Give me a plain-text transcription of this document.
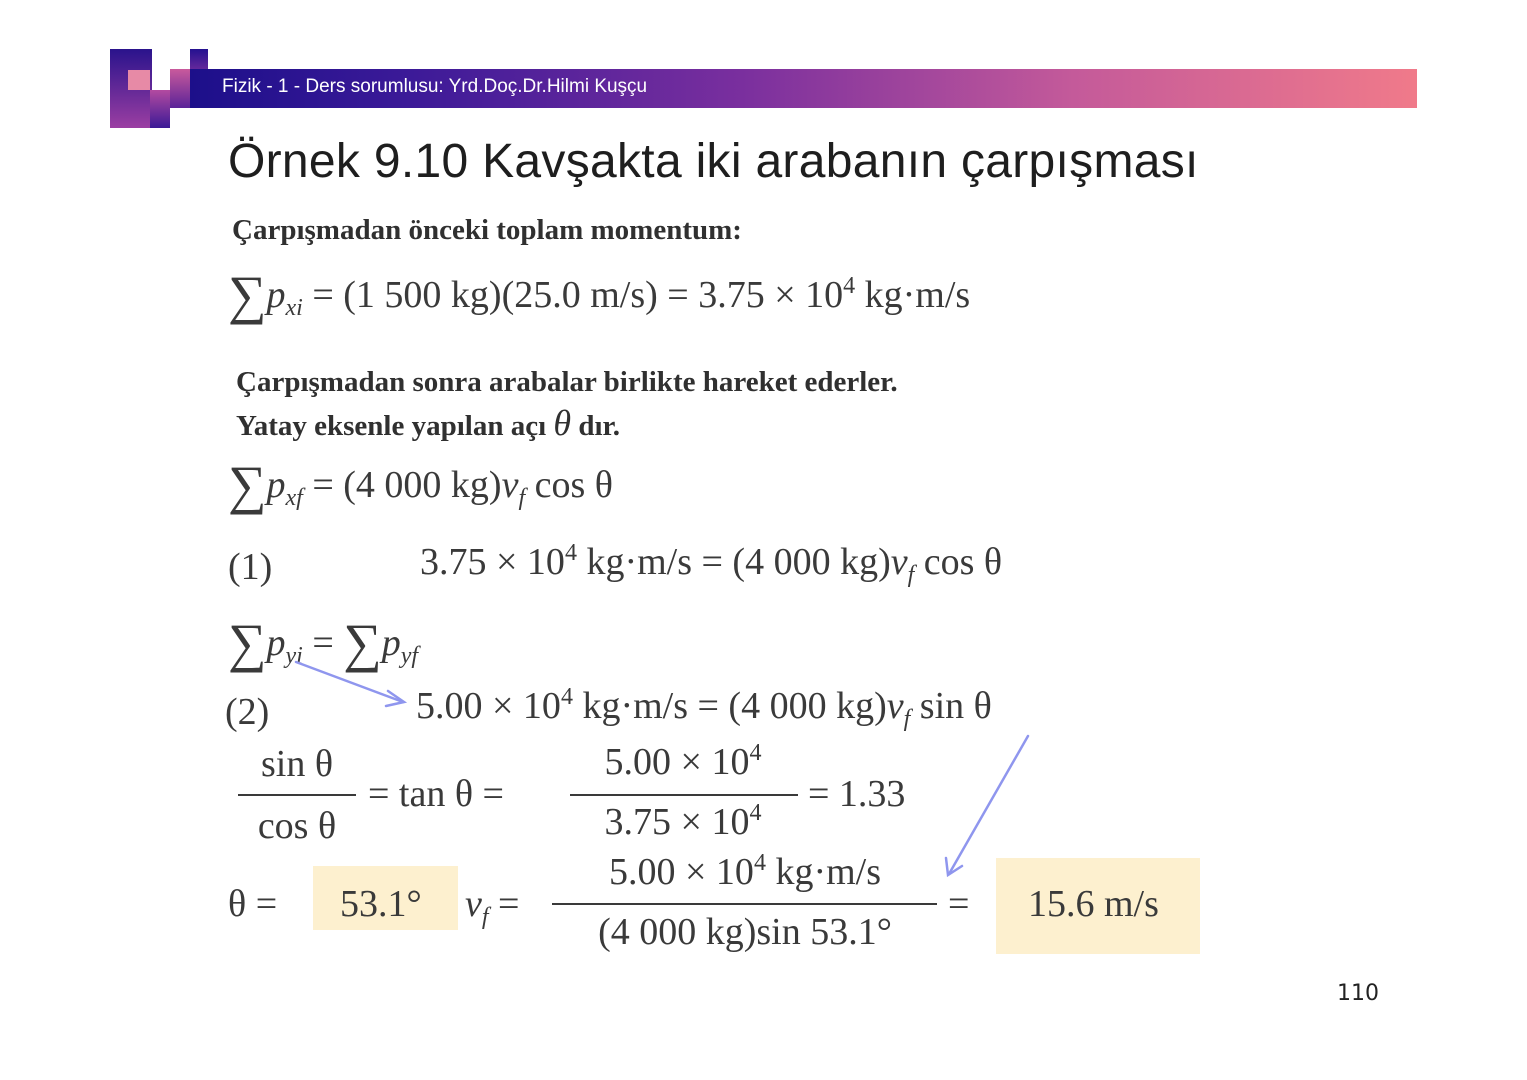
Fizik - 1 - Ders sorumlusu: Yrd.Doç.Dr.Hilmi Kuşçu
Örnek 9.10 Kavşakta iki arabanın çarpışması
Çarpışmadan önceki toplam momentum:
$\sum p_{xi} = (1$ 500 kg)(25.0 $m/s) = 3.75 \times 10^4$ kg·m/s
Çarpışmadan sonra arabalar birlikte hareket ederler.
Yatay eksenle yapılan açı θ dır.
$\sum p_{xf} = (4$ 000 $kg)v_f$ cos θ
(1)	$3.75 \times 10^4$ kg·m/s = (4 000 $kg)v_f$ cos θ
$\sum p_{yi} = \sum p_{yf}$
(2)	$5.00 \times 10^4$ kg·m/s = (4 000 $kg)v_f$ sin θ
sin θ
cos θ
= tan θ =
$5.00 \times 10^4$
$3.75 \times 10^4$	= 1.33
θ = 53.1° $v_f$ =
$5.00 \times 10^4$ kg·m/s
(4 000 kg)sin 53.1°
= 15.6 m/s
110
